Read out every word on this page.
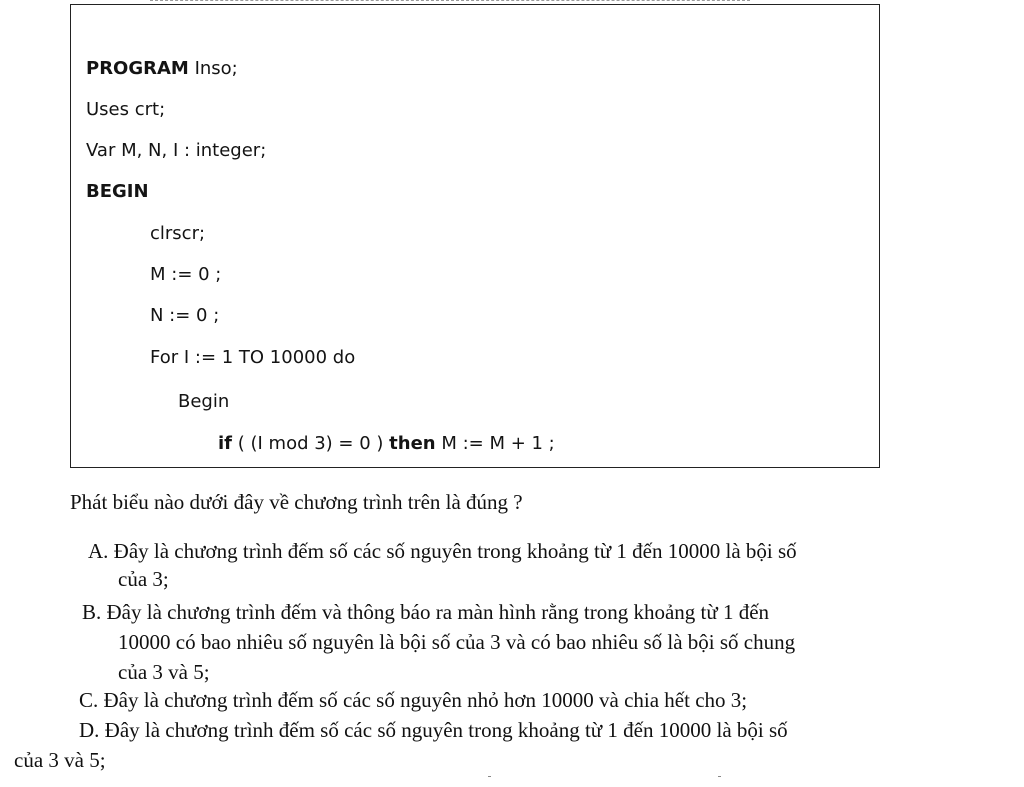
PROGRAM Inso;
Uses crt;
Var M, N, I : integer;
BEGIN
clrscr;
M := 0 ;
N := 0 ;
For I := 1 TO 10000 do
Begin
if ( (I mod 3) = 0 ) then M := M + 1 ;
Phát biểu nào dưới đây về chương trình trên là đúng ?
A. Đây là chương trình đếm số các số nguyên trong khoảng từ 1 đến 10000 là bội số
của 3;
B. Đây là chương trình đếm và thông báo ra màn hình rằng trong khoảng từ 1 đến
10000 có bao nhiêu số nguyên là bội số của 3 và có bao nhiêu số là bội số chung
của 3 và 5;
C. Đây là chương trình đếm số các số nguyên nhỏ hơn 10000 và chia hết cho 3;
D. Đây là chương trình đếm số các số nguyên trong khoảng từ 1 đến 10000 là bội số
của 3 và 5;
